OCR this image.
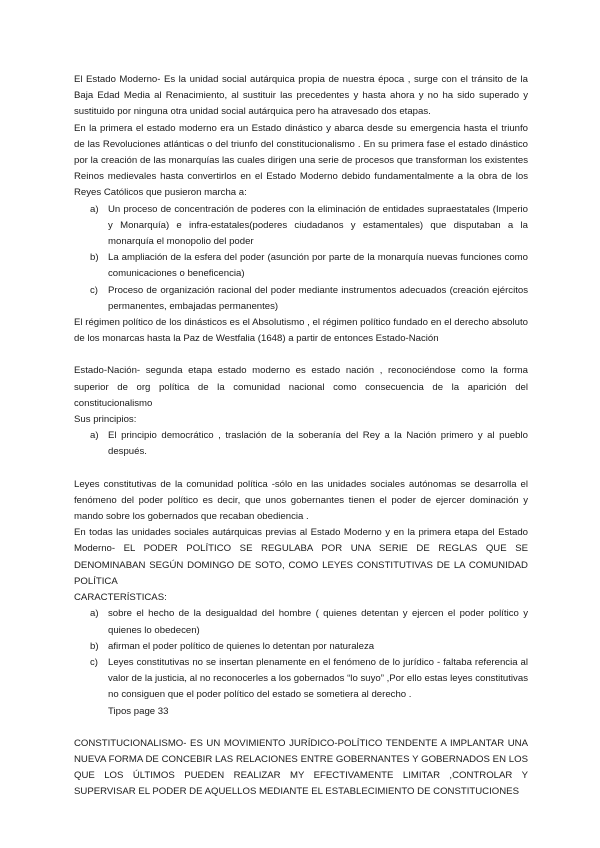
El Estado Moderno- Es la unidad social autárquica propia de nuestra época , surge con el tránsito de la Baja Edad Media al Renacimiento, al sustituir las precedentes y hasta ahora y no ha sido superado y sustituido por ninguna otra unidad social autárquica pero ha atravesado dos etapas.

En la primera el estado moderno era un Estado dinástico y abarca desde su emergencia hasta el triunfo de las Revoluciones atlánticas o del triunfo del constitucionalismo . En su primera fase el estado dinástico por la creación de las monarquías las cuales dirigen una serie de procesos que transforman los existentes Reinos medievales hasta convertirlos en el Estado Moderno debido fundamentalmente a la obra de los Reyes Católicos que pusieron marcha a:

a) Un proceso de concentración de poderes con la eliminación de entidades supraestatales (Imperio y Monarquía) e infra-estatales(poderes ciudadanos y estamentales) que disputaban a la monarquía el monopolio del poder
b) La ampliación de la esfera del poder (asunción por parte de la monarquía nuevas funciones como comunicaciones o beneficencia)
c) Proceso de organización racional del poder mediante instrumentos adecuados (creación ejércitos permanentes, embajadas permanentes)

El régimen político de los dinásticos es el Absolutismo , el régimen político fundado en el derecho absoluto de los monarcas hasta la Paz de Westfalia (1648) a partir de entonces Estado-Nación

Estado-Nación- segunda etapa estado moderno es estado nación , reconociéndose como la forma superior de org política de la comunidad nacional como consecuencia de la aparición del constitucionalismo

Sus principios:

a) El principio democrático , traslación de la soberanía del Rey a la Nación primero y al pueblo después.

Leyes constitutivas de la comunidad política -sólo en las unidades sociales autónomas se desarrolla el fenómeno del poder político es decir, que unos gobernantes tienen el poder de ejercer dominación y mando sobre los gobernados que recaban obediencia .

En todas las unidades sociales autárquicas previas al Estado Moderno y en la primera etapa del Estado Moderno- EL PODER POLÍTICO SE REGULABA POR UNA SERIE DE REGLAS QUE SE DENOMINABAN SEGÚN DOMINGO DE SOTO, COMO LEYES CONSTITUTIVAS DE LA COMUNIDAD POLÍTICA

CARACTERÍSTICAS:

a) sobre el hecho de la desigualdad del hombre ( quienes detentan y ejercen el poder político y quienes lo obedecen)
b) afirman el poder político de quienes lo detentan por naturaleza
c) Leyes constitutivas no se insertan plenamente en el fenómeno de lo jurídico - faltaba referencia al valor de la justicia, al no reconocerles a los gobernados “lo suyo” ,Por ello estas leyes constitutivas no consiguen que el poder político del estado se sometiera al derecho .

Tipos page 33

CONSTITUCIONALISMO- ES UN MOVIMIENTO JURÍDICO-POLÍTICO TENDENTE A IMPLANTAR UNA NUEVA FORMA DE CONCEBIR LAS RELACIONES ENTRE GOBERNANTES Y GOBERNADOS EN LOS QUE LOS ÚLTIMOS PUEDEN REALIZAR MY EFECTIVAMENTE LIMITAR ,CONTROLAR Y SUPERVISAR EL PODER DE AQUELLOS MEDIANTE EL ESTABLECIMIENTO DE CONSTITUCIONES
